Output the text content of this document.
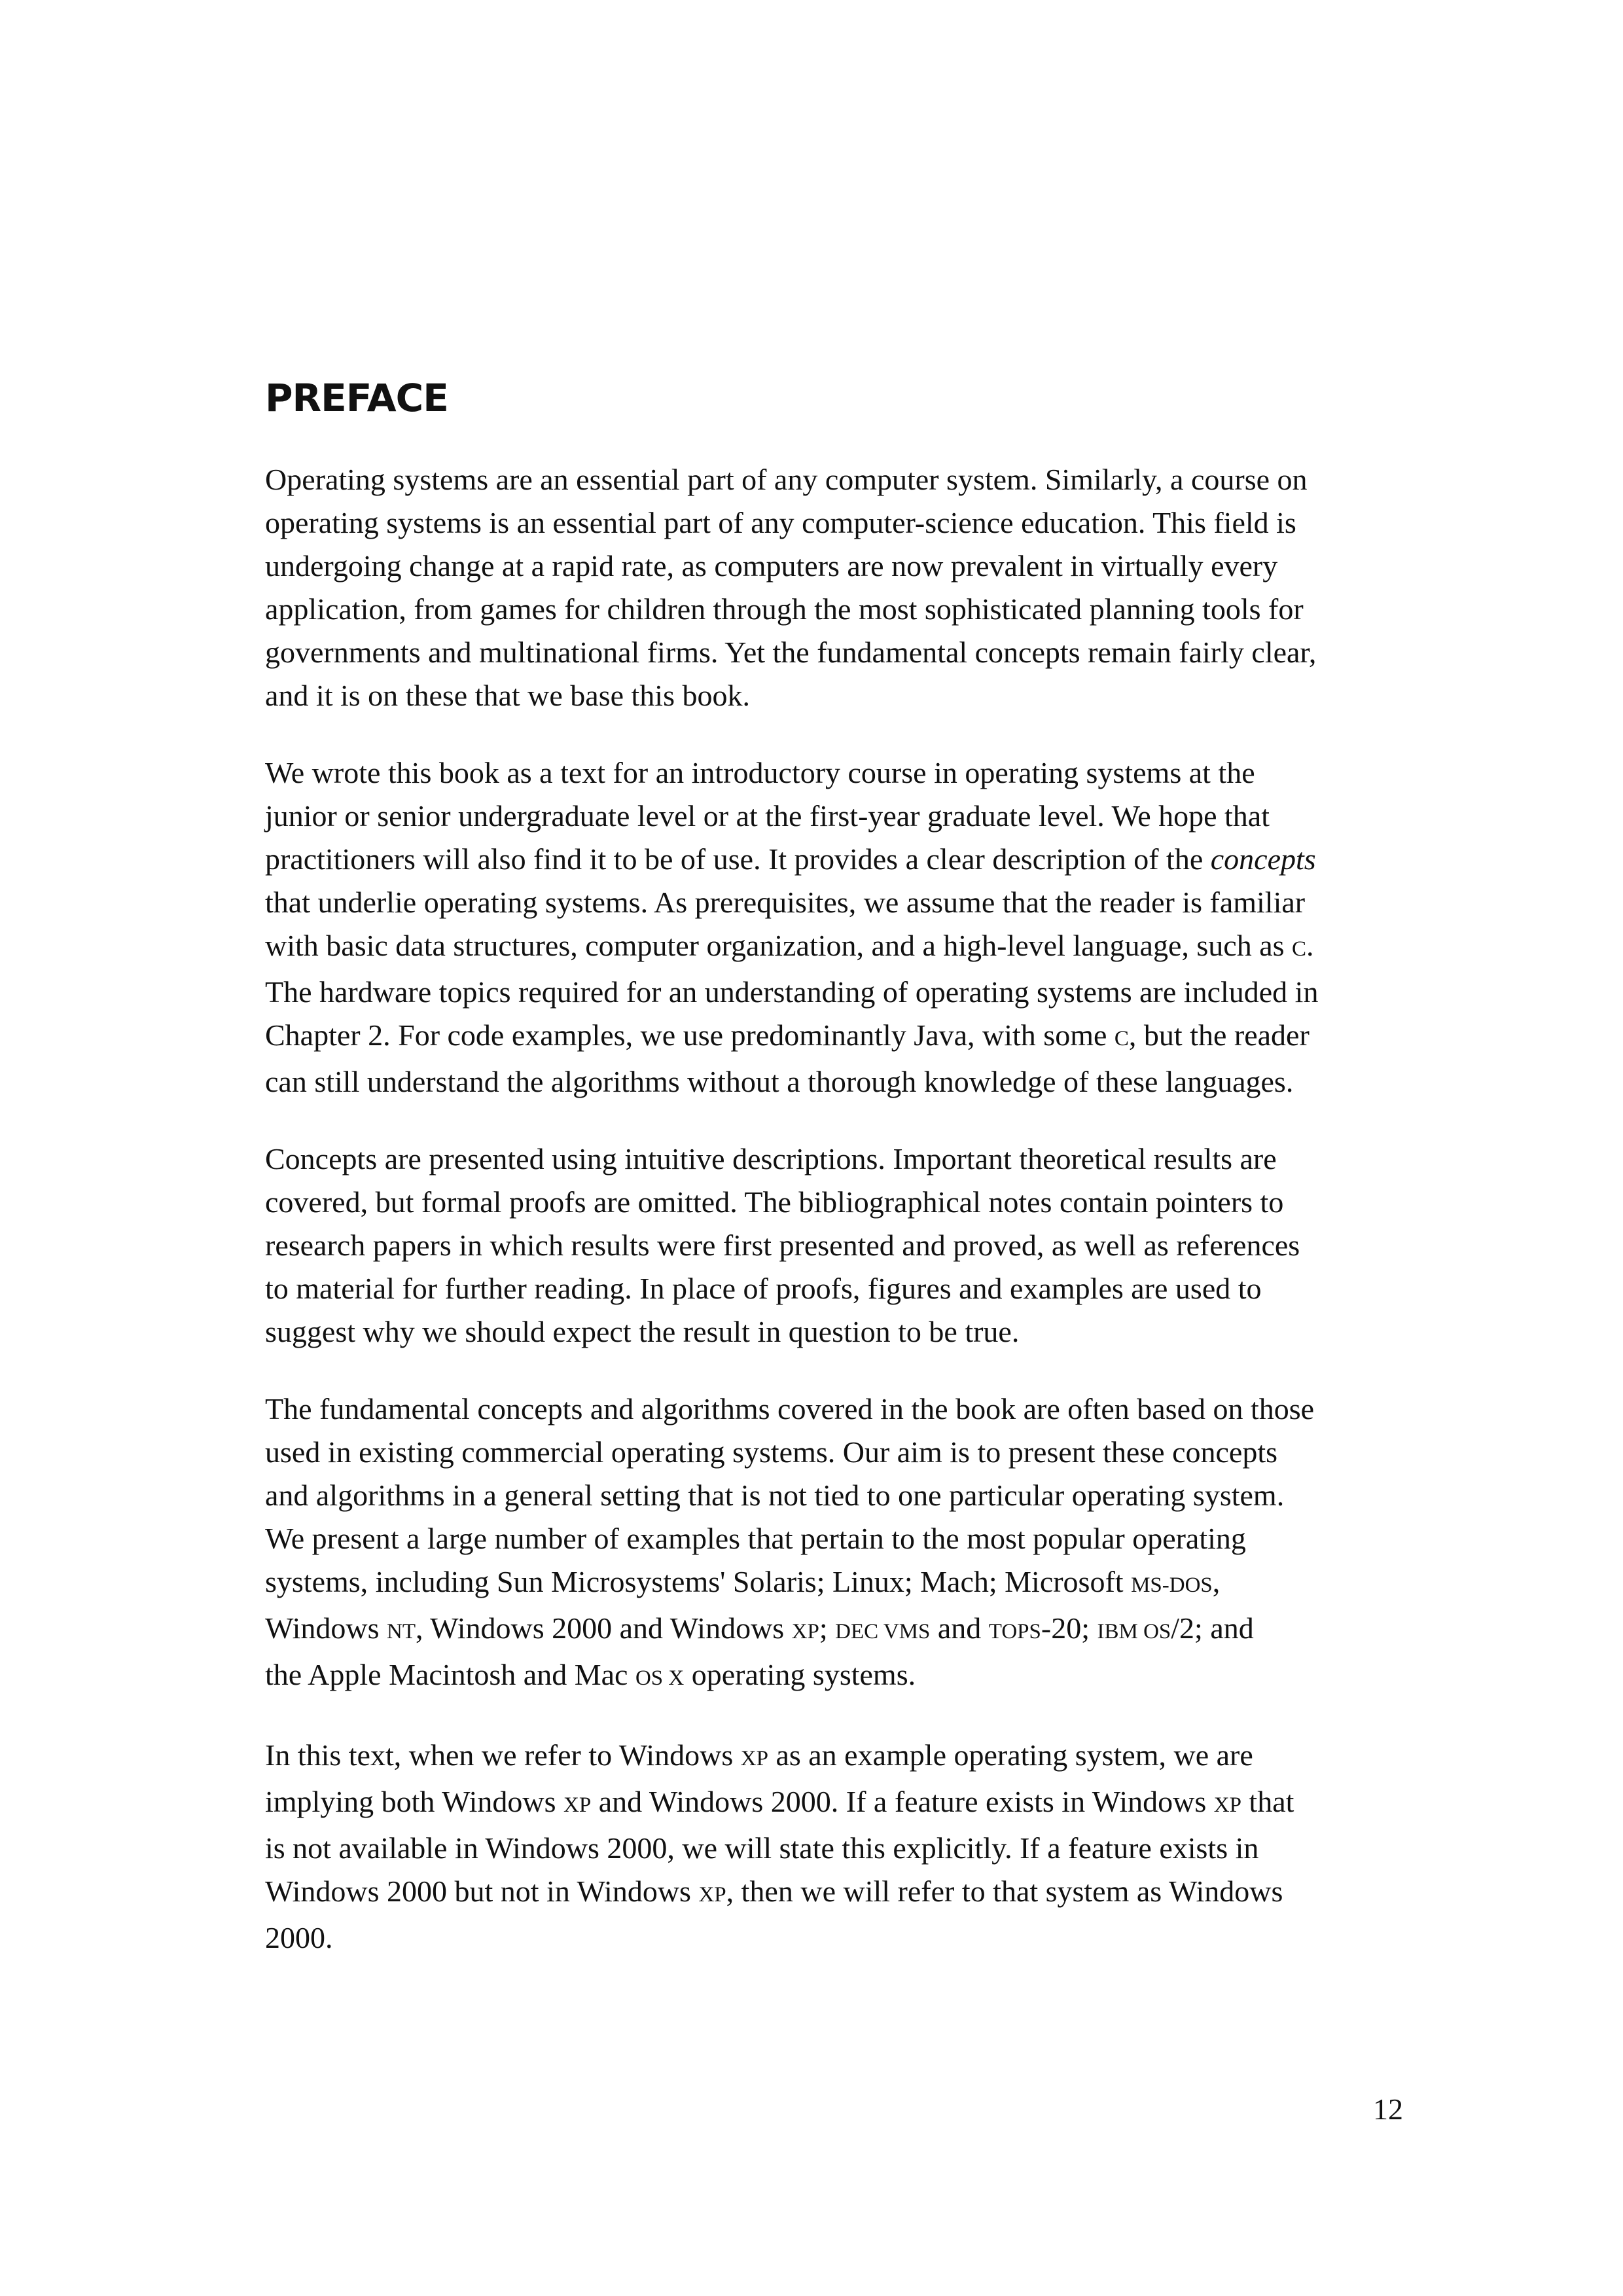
PREFACE

Operating systems are an essential part of any computer system. Similarly, a course on
operating systems is an essential part of any computer-science education. This field is
undergoing change at a rapid rate, as computers are now prevalent in virtually every
application, from games for children through the most sophisticated planning tools for
governments and multinational firms. Yet the fundamental concepts remain fairly clear,
and it is on these that we base this book.

We wrote this book as a text for an introductory course in operating systems at the
junior or senior undergraduate level or at the first-year graduate level. We hope that
practitioners will also find it to be of use. It provides a clear description of the concepts
that underlie operating systems. As prerequisites, we assume that the reader is familiar
with basic data structures, computer organization, and a high-level language, such as C.
The hardware topics required for an understanding of operating systems are included in
Chapter 2. For code examples, we use predominantly Java, with some C, but the reader
can still understand the algorithms without a thorough knowledge of these languages.

Concepts are presented using intuitive descriptions. Important theoretical results are
covered, but formal proofs are omitted. The bibliographical notes contain pointers to
research papers in which results were first presented and proved, as well as references
to material for further reading. In place of proofs, figures and examples are used to
suggest why we should expect the result in question to be true.

The fundamental concepts and algorithms covered in the book are often based on those
used in existing commercial operating systems. Our aim is to present these concepts
and algorithms in a general setting that is not tied to one particular operating system.
We present a large number of examples that pertain to the most popular operating
systems, including Sun Microsystems' Solaris; Linux; Mach; Microsoft MS-DOS,
Windows NT, Windows 2000 and Windows XP; DEC VMS and TOPS-20; IBM OS/2; and
the Apple Macintosh and Mac OS X operating systems.

In this text, when we refer to Windows XP as an example operating system, we are
implying both Windows XP and Windows 2000. If a feature exists in Windows XP that
is not available in Windows 2000, we will state this explicitly. If a feature exists in
Windows 2000 but not in Windows XP, then we will refer to that system as Windows
2000.

12
